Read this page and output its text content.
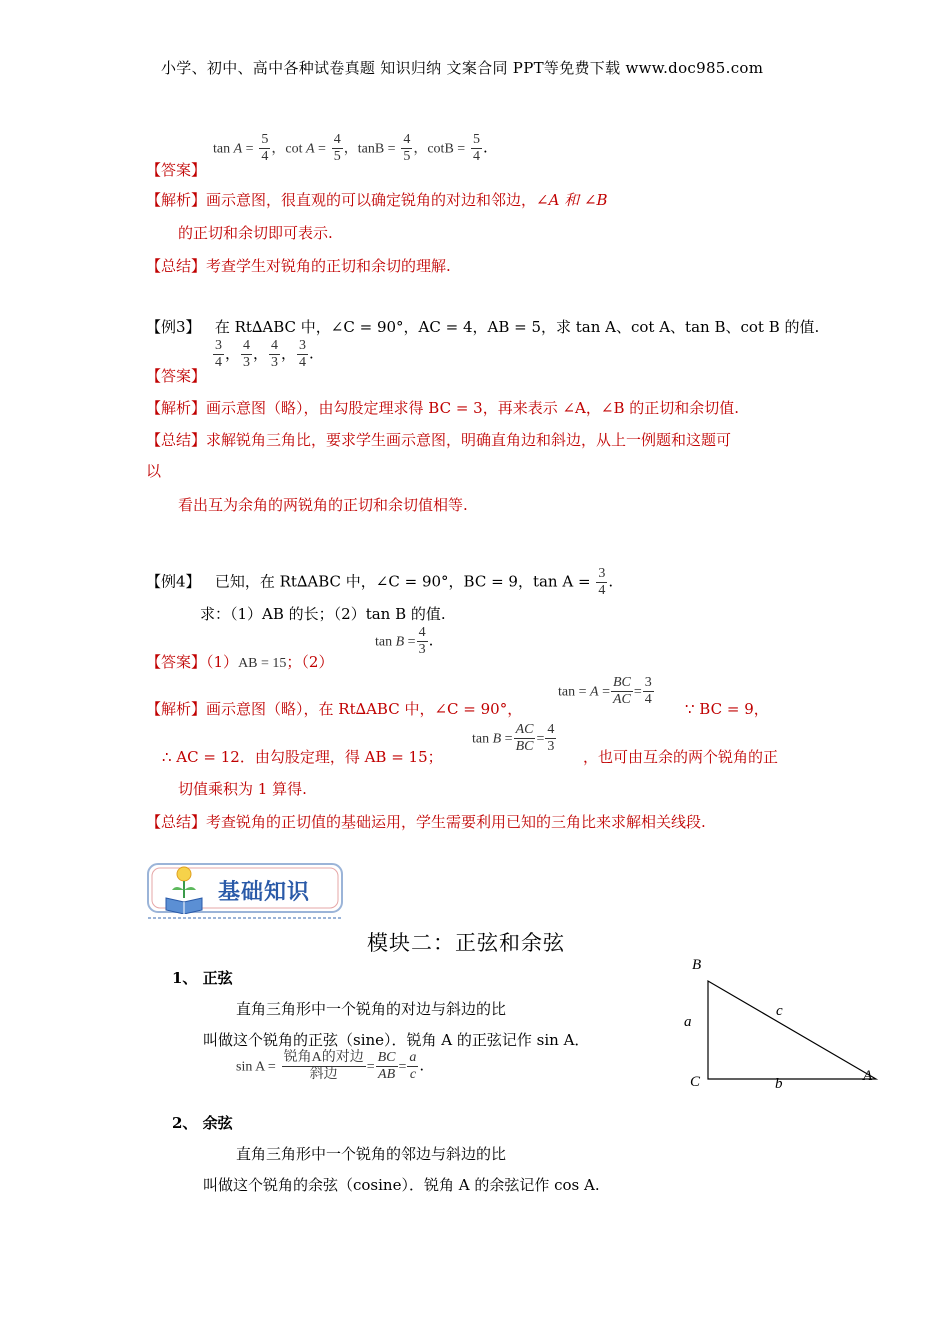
小学、初中、高中各种试卷真题 知识归纳 文案合同 PPT等免费下载 www.doc985.com
$\tan A = \frac{5}{4}$ ，$\cot A = \frac{4}{5}$ ，$\tan B = \frac{4}{5}$ ，$\cot B = \frac{5}{4}$ .
【答案】
【解析】画示意图，很直观的可以确定锐角的对边和邻边，∠A 和 ∠B
的正切和余切即可表示.
【总结】考查学生对锐角的正切和余切的理解.
【例3】 在 Rt∆ABC 中，∠C = 90°，AC = 4，AB = 5，求 tan A、cot A、tan B、cot B 的值.
$\frac{3}{4}$ ， $\frac{4}{3}$ ， $\frac{4}{3}$ ， $\frac{3}{4}$ .
【答案】
【解析】画示意图（略），由勾股定理求得 BC = 3，再来表示 ∠A，∠B 的正切和余切值.
【总结】求解锐角三角比，要求学生画示意图，明确直角边和斜边，从上一例题和这题可
以
看出互为余角的两锐角的正切和余切值相等.
【例4】 已知，在 Rt∆ABC 中，∠C = 90°，BC = 9，$\tan A = \frac{3}{4}$ .
求：（1）AB 的长；（2）tan B 的值.
【答案】（1）AB = 15；（2）
$\tan B = \frac{4}{3}$ .
【解析】画示意图（略），在 Rt∆ABC 中，∠C = 90°，
$\tan = A = \frac{BC}{AC} = \frac{3}{4}$
∵ BC = 9，
∴ AC = 12．由勾股定理，得 AB = 15；
$\tan B = \frac{AC}{BC} = \frac{4}{3}$
，也可由互余的两个锐角的正
切值乘积为 1 算得.
【总结】考查锐角的正切值的基础运用，学生需要利用已知的三角比来求解相关线段.
基础知识
模块二：正弦和余弦
1、 正弦
直角三角形中一个锐角的对边与斜边的比
叫做这个锐角的正弦（sine）．锐角 A 的正弦记作 sin A．
$\sin A = \frac{\text{锐角A的对边}}{\text{斜边}} = \frac{BC}{AB} = \frac{a}{c}$ .
2、 余弦
直角三角形中一个锐角的邻边与斜边的比
叫做这个锐角的余弦（cosine）．锐角 A 的余弦记作 cos A.
B
A
C
a
b
c
